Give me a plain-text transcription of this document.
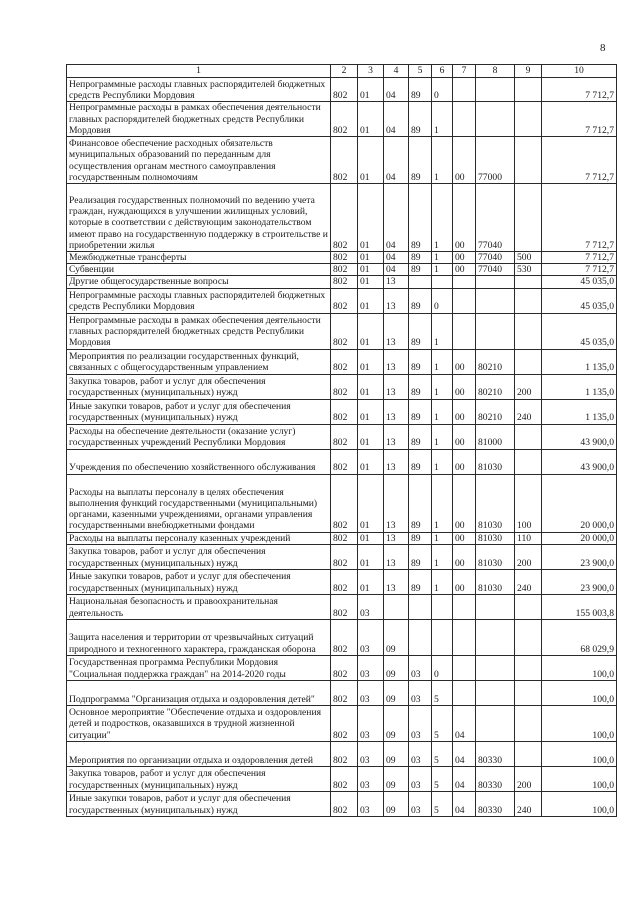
8
1	2	3	4	5	6	7	8	9	10
Непрограммные расходы главных распорядителей бюджетных средств Республики Мордовия	802	01	04	89	0				7 712,7
Непрограммные расходы в рамках обеспечения деятельности главных распорядителей бюджетных средств Республики Мордовия	802	01	04	89	1				7 712,7
Финансовое обеспечение расходных обязательств муниципальных образований по переданным для осуществления органам местного самоуправления государственным полномочиям	802	01	04	89	1	00	77000		7 712,7
Реализация государственных полномочий по ведению учета граждан, нуждающихся в улучшении жилищных условий, которые в соответствии с действующим законодательством имеют право на государственную поддержку в строительстве и приобретении жилья	802	01	04	89	1	00	77040		7 712,7
Межбюджетные трансферты	802	01	04	89	1	00	77040	500	7 712,7
Субвенции	802	01	04	89	1	00	77040	530	7 712,7
Другие общегосударственные вопросы	802	01	13						45 035,0
Непрограммные расходы главных распорядителей бюджетных средств Республики Мордовия	802	01	13	89	0				45 035,0
Непрограммные расходы в рамках обеспечения деятельности главных распорядителей бюджетных средств Республики Мордовия	802	01	13	89	1				45 035,0
Мероприятия по реализации государственных функций, связанных с общегосударственным управлением	802	01	13	89	1	00	80210		1 135,0
Закупка товаров, работ и услуг для обеспечения государственных (муниципальных) нужд	802	01	13	89	1	00	80210	200	1 135,0
Иные закупки товаров, работ и услуг для обеспечения государственных (муниципальных) нужд	802	01	13	89	1	00	80210	240	1 135,0
Расходы на обеспечение деятельности (оказание услуг) государственных учреждений Республики Мордовия	802	01	13	89	1	00	81000		43 900,0
Учреждения по обеспечению хозяйственного обслуживания	802	01	13	89	1	00	81030		43 900,0
Расходы на выплаты персоналу в целях обеспечения выполнения функций государственными (муниципальными) органами, казенными учреждениями, органами управления государственными внебюджетными фондами	802	01	13	89	1	00	81030	100	20 000,0
Расходы на выплаты персоналу казенных учреждений	802	01	13	89	1	00	81030	110	20 000,0
Закупка товаров, работ и услуг для обеспечения государственных (муниципальных) нужд	802	01	13	89	1	00	81030	200	23 900,0
Иные закупки товаров, работ и услуг для обеспечения государственных (муниципальных) нужд	802	01	13	89	1	00	81030	240	23 900,0
Национальная безопасность и правоохранительная деятельность	802	03							155 003,8
Защита населения и территории от чрезвычайных ситуаций природного и техногенного характера, гражданская оборона	802	03	09						68 029,9
Государственная программа Республики Мордовия "Социальная поддержка граждан" на 2014-2020 годы	802	03	09	03	0				100,0
Подпрограмма "Организация отдыха и оздоровления детей"	802	03	09	03	5				100,0
Основное мероприятие "Обеспечение отдыха и оздоровления детей и подростков, оказавшихся в трудной жизненной ситуации"	802	03	09	03	5	04			100,0
Мероприятия по организации отдыха и оздоровления детей	802	03	09	03	5	04	80330		100,0
Закупка товаров, работ и услуг для обеспечения государственных (муниципальных) нужд	802	03	09	03	5	04	80330	200	100,0
Иные закупки товаров, работ и услуг для обеспечения государственных (муниципальных) нужд	802	03	09	03	5	04	80330	240	100,0
